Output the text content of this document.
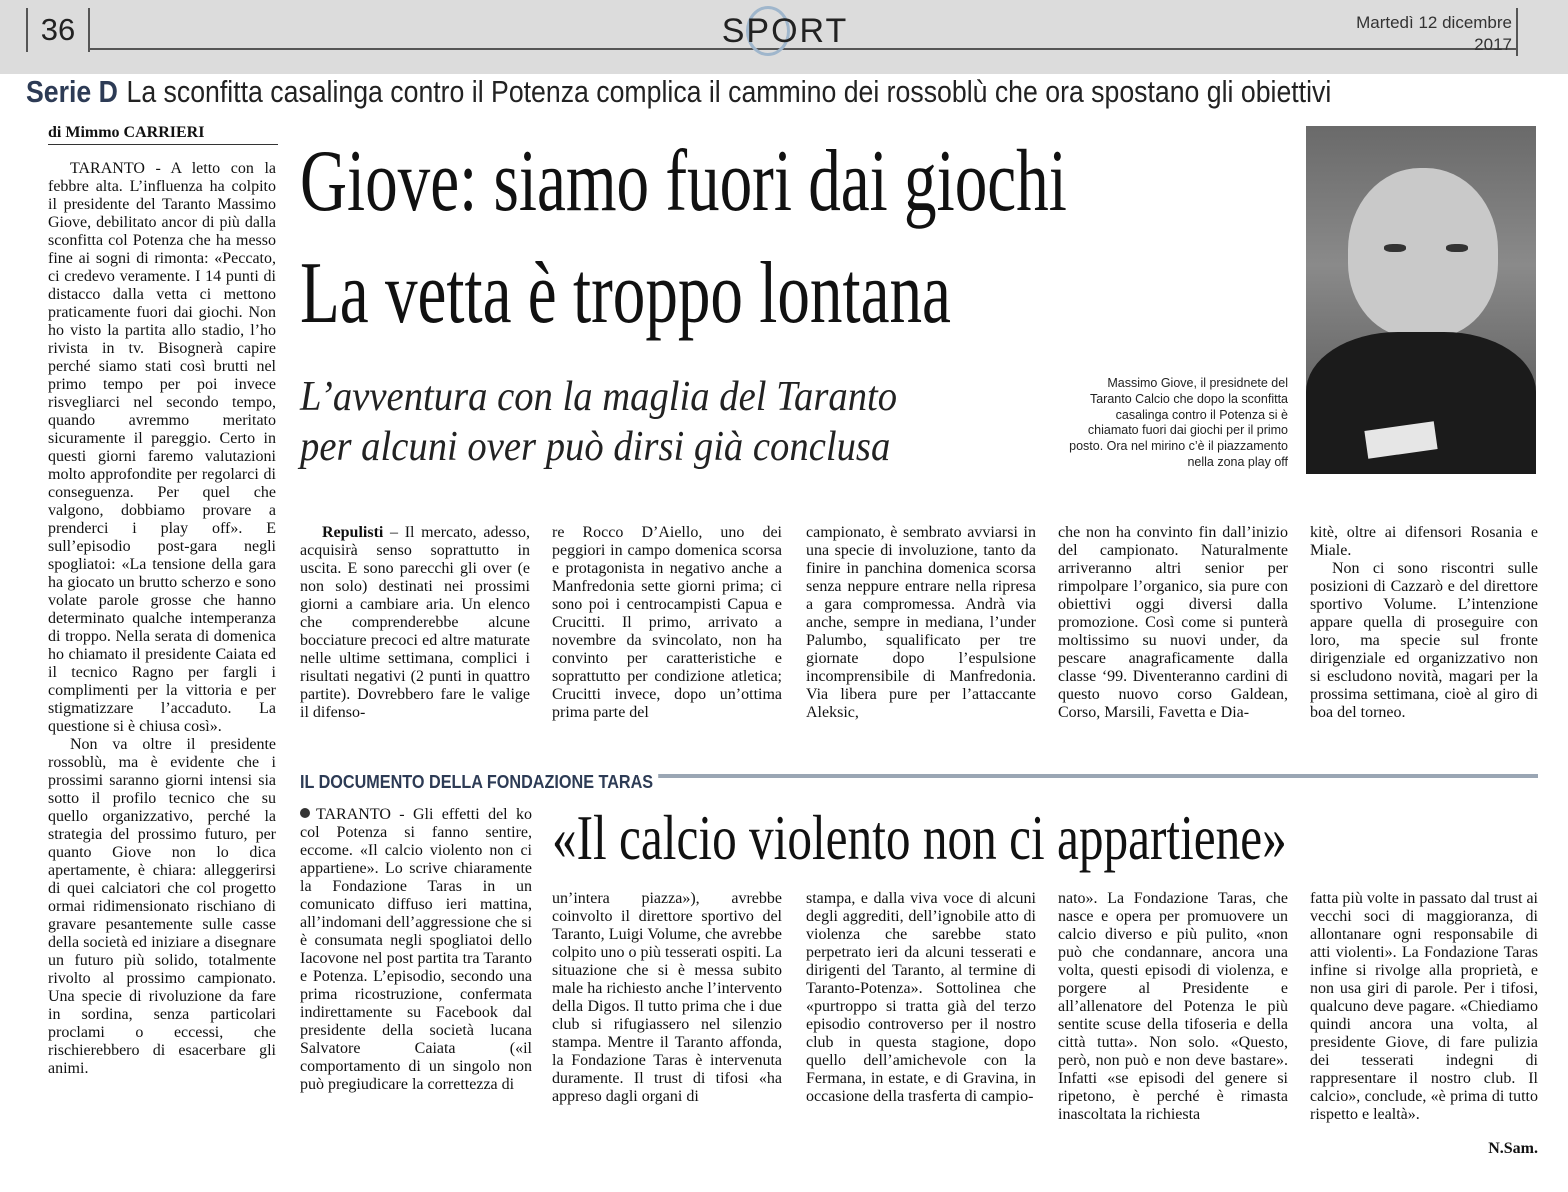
36	SPORT	Martedì 12 dicembre
2017
Serie D La sconfitta casalinga contro il Potenza complica il cammino dei rossoblù che ora spostano gli obiettivi
di Mimmo CARRIERI
Giove: siamo fuori dai giochi
La vetta è troppo lontana
L’avventura con la maglia del Taranto
per alcuni over può dirsi già conclusa
Massimo Giove, il presidnete del Taranto Calcio che dopo la sconfitta casalinga contro il Potenza si è chiamato fuori dai giochi per il primo posto. Ora nel mirino c’è il piazzamento nella zona play off

TARANTO - A letto con la febbre alta. L’influenza ha colpito il presidente del Taranto Massimo Giove, debilitato ancor di più dalla sconfitta col Potenza che ha messo fine ai sogni di rimonta: «Peccato, ci credevo veramente. I 14 punti di distacco dalla vetta ci mettono praticamente fuori dai giochi. Non ho visto la partita allo stadio, l’ho rivista in tv. Bisognerà capire perché siamo stati così brutti nel primo tempo per poi invece risvegliarci nel secondo tempo, quando avremmo meritato sicuramente il pareggio. Certo in questi giorni faremo valutazioni molto approfondite per regolarci di conseguenza. Per quel che valgono, dobbiamo provare a prenderci i play off». E sull’episodio post-gara negli spogliatoi: «La tensione della gara ha giocato un brutto scherzo e sono volate parole grosse che hanno determinato qualche intemperanza di troppo. Nella serata di domenica ho chiamato il presidente Caiata ed il tecnico Ragno per fargli i complimenti per la vittoria e per stigmatizzare l’accaduto. La questione si è chiusa così».

Non va oltre il presidente rossoblù, ma è evidente che i prossimi saranno giorni intensi sia sotto il profilo tecnico che su quello organizzativo, perché la strategia del prossimo futuro, per quanto Giove non lo dica apertamente, è chiara: alleggerirsi di quei calciatori che col progetto ormai ridimensionato rischiano di gravare pesantemente sulle casse della società ed iniziare a disegnare un futuro più solido, totalmente rivolto al prossimo campionato. Una specie di rivoluzione da fare in sordina, senza particolari proclami o eccessi, che rischierebbero di esacerbare gli animi.

Repulisti – Il mercato, adesso, acquisirà senso soprattutto in uscita. E sono parecchi gli over (e non solo) destinati nei prossimi giorni a cambiare aria. Un elenco che comprenderebbe alcune bocciature precoci ed altre maturate nelle ultime settimana, complici i risultati negativi (2 punti in quattro partite). Dovrebbero fare le valige il difenso-

re Rocco D’Aiello, uno dei peggiori in campo domenica scorsa e protagonista in negativo anche a Manfredonia sette giorni prima; ci sono poi i centrocampisti Capua e Crucitti. Il primo, arrivato a novembre da svincolato, non ha convinto per caratteristiche e soprattutto per condizione atletica; Crucitti invece, dopo un’ottima prima parte del

campionato, è sembrato avviarsi in una specie di involuzione, tanto da finire in panchina domenica scorsa senza neppure entrare nella ripresa a gara compromessa. Andrà via anche, sempre in mediana, l’under Palumbo, squalificato per tre giornate dopo l’espulsione incomprensibile di Manfredonia. Via libera pure per l’attaccante Aleksic,

che non ha convinto fin dall’inizio del campionato. Naturalmente arriveranno altri senior per rimpolpare l’organico, sia pure con obiettivi oggi diversi dalla promozione. Così come si punterà moltissimo su nuovi under, da pescare anagraficamente dalla classe ‘99. Diventeranno cardini di questo nuovo corso Galdean, Corso, Marsili, Favetta e Dia-

kitè, oltre ai difensori Rosania e Miale.

Non ci sono riscontri sulle posizioni di Cazzarò e del direttore sportivo Volume. L’intenzione appare quella di proseguire con loro, ma specie sul fronte dirigenziale ed organizzativo non si escludono novità, magari per la prossima settimana, cioè al giro di boa del torneo.

IL DOCUMENTO DELLA FONDAZIONE TARAS
«Il calcio violento non ci appartiene»

TARANTO - Gli effetti del ko col Potenza si fanno sentire, eccome. «Il calcio violento non ci appartiene». Lo scrive chiaramente la Fondazione Taras in un comunicato diffuso ieri mattina, all’indomani dell’aggressione che si è consumata negli spogliatoi dello Iacovone nel post partita tra Taranto e Potenza. L’episodio, secondo una prima ricostruzione, confermata indirettamente su Facebook dal presidente della società lucana Salvatore Caiata («il comportamento di un singolo non può pregiudicare la correttezza di

un’intera piazza»), avrebbe coinvolto il direttore sportivo del Taranto, Luigi Volume, che avrebbe colpito uno o più tesserati ospiti. La situazione che si è messa subito male ha richiesto anche l’intervento della Digos. Il tutto prima che i due club si rifugiassero nel silenzio stampa. Mentre il Taranto affonda, la Fondazione Taras è intervenuta duramente. Il trust di tifosi «ha appreso dagli organi di

stampa, e dalla viva voce di alcuni degli aggrediti, dell’ignobile atto di violenza che sarebbe stato perpetrato ieri da alcuni tesserati e dirigenti del Taranto, al termine di Taranto-Potenza». Sottolinea che «purtroppo si tratta già del terzo episodio controverso per il nostro club in questa stagione, dopo quello dell’amichevole con la Fermana, in estate, e di Gravina, in occasione della trasferta di campio-

nato». La Fondazione Taras, che nasce e opera per promuovere un calcio diverso e più pulito, «non può che condannare, ancora una volta, questi episodi di violenza, e porgere al Presidente e all’allenatore del Potenza le più sentite scuse della tifoseria e della città tutta». Non solo. «Questo, però, non può e non deve bastare». Infatti «se episodi del genere si ripetono, è perché è rimasta inascoltata la richiesta

fatta più volte in passato dal trust ai vecchi soci di maggioranza, di allontanare ogni responsabile di atti violenti». La Fondazione Taras infine si rivolge alla proprietà, e non usa giri di parole. Per i tifosi, qualcuno deve pagare. «Chiediamo quindi ancora una volta, al presidente Giove, di fare pulizia dei tesserati indegni di rappresentare il nostro club. Il calcio», conclude, «è prima di tutto rispetto e lealtà».

N.Sam.
